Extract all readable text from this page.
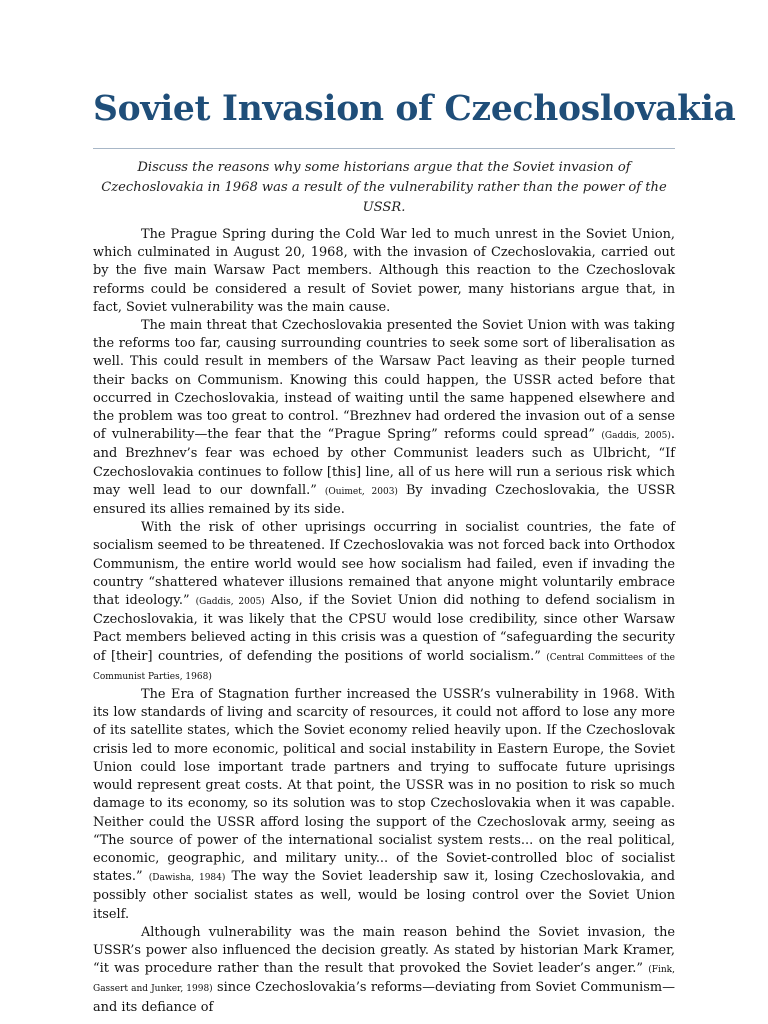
Soviet Invasion of Czechoslovakia

Discuss the reasons why some historians argue that the Soviet invasion of Czechoslovakia in 1968 was a result of the vulnerability rather than the power of the USSR.

The Prague Spring during the Cold War led to much unrest in the Soviet Union, which culminated in August 20, 1968, with the invasion of Czechoslovakia, carried out by the five main Warsaw Pact members. Although this reaction to the Czechoslovak reforms could be considered a result of Soviet power, many historians argue that, in fact, Soviet vulnerability was the main cause.

The main threat that Czechoslovakia presented the Soviet Union with was taking the reforms too far, causing surrounding countries to seek some sort of liberalisation as well. This could result in members of the Warsaw Pact leaving as their people turned their backs on Communism. Knowing this could happen, the USSR acted before that occurred in Czechoslovakia, instead of waiting until the same happened elsewhere and the problem was too great to control. “Brezhnev had ordered the invasion out of a sense of vulnerability—the fear that the “Prague Spring” reforms could spread” (Gaddis, 2005). and Brezhnev’s fear was echoed by other Communist leaders such as Ulbricht, “If Czechoslovakia continues to follow [this] line, all of us here will run a serious risk which may well lead to our downfall.” (Ouimet, 2003) By invading Czechoslovakia, the USSR ensured its allies remained by its side.

With the risk of other uprisings occurring in socialist countries, the fate of socialism seemed to be threatened. If Czechoslovakia was not forced back into Orthodox Communism, the entire world would see how socialism had failed, even if invading the country “shattered whatever illusions remained that anyone might voluntarily embrace that ideology.” (Gaddis, 2005) Also, if the Soviet Union did nothing to defend socialism in Czechoslovakia, it was likely that the CPSU would lose credibility, since other Warsaw Pact members believed acting in this crisis was a question of “safeguarding the security of [their] countries, of defending the positions of world socialism.” (Central Committees of the Communist Parties, 1968)

The Era of Stagnation further increased the USSR’s vulnerability in 1968. With its low standards of living and scarcity of resources, it could not afford to lose any more of its satellite states, which the Soviet economy relied heavily upon. If the Czechoslovak crisis led to more economic, political and social instability in Eastern Europe, the Soviet Union could lose important trade partners and trying to suffocate future uprisings would represent great costs. At that point, the USSR was in no position to risk so much damage to its economy, so its solution was to stop Czechoslovakia when it was capable. Neither could the USSR afford losing the support of the Czechoslovak army, seeing as “The source of power of the international socialist system rests... on the real political, economic, geographic, and military unity... of the Soviet-controlled bloc of socialist states.” (Dawisha, 1984) The way the Soviet leadership saw it, losing Czechoslovakia, and possibly other socialist states as well, would be losing control over the Soviet Union itself.

Although vulnerability was the main reason behind the Soviet invasion, the USSR’s power also influenced the decision greatly. As stated by historian Mark Kramer, “it was procedure rather than the result that provoked the Soviet leader’s anger.” (Fink, Gassert and Junker, 1998) since Czechoslovakia’s reforms—deviating from Soviet Communism—and its defiance of
